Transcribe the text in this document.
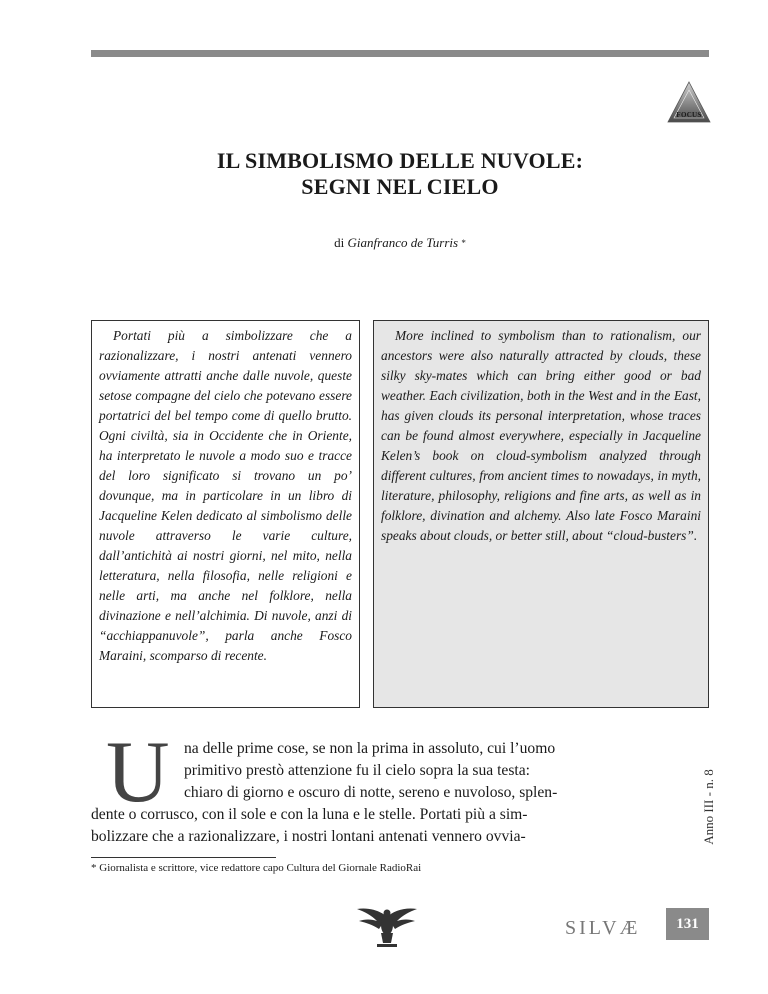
FOCUS
IL SIMBOLISMO DELLE NUVOLE:
SEGNI NEL CIELO
di Gianfranco de Turris *

Portati più a simbolizzare che a razionalizzare, i nostri antenati vennero ovviamente attratti anche dalle nuvole, queste setose compagne del cielo che potevano essere portatrici del bel tempo come di quello brutto. Ogni civiltà, sia in Occidente che in Oriente, ha interpretato le nuvole a modo suo e tracce del loro significato si trovano un po’ dovunque, ma in particolare in un libro di Jacqueline Kelen dedicato al simbolismo delle nuvole attraverso le varie culture, dall’antichità ai nostri giorni, nel mito, nella letteratura, nella filosofia, nelle religioni e nelle arti, ma anche nel folklore, nella divinazione e nell’alchimia. Di nuvole, anzi di “acchiappanuvole”, parla anche Fosco Maraini, scomparso di recente.

More inclined to symbolism than to rationalism, our ancestors were also naturally attracted by clouds, these silky sky-mates which can bring either good or bad weather. Each civilization, both in the West and in the East, has given clouds its personal interpretation, whose traces can be found almost everywhere, especially in Jacqueline Kelen’s book on cloud-symbolism analyzed through different cultures, from ancient times to nowadays, in myth, literature, philosophy, religions and fine arts, as well as in folklore, divination and alchemy. Also late Fosco Maraini speaks about clouds, or better still, about “cloud-busters”.

U na delle prime cose, se non la prima in assoluto, cui l’uomo
primitivo prestò attenzione fu il cielo sopra la sua testa:
chiaro di giorno e oscuro di notte, sereno e nuvoloso, splen-
dente o corrusco, con il sole e con la luna e le stelle. Portati più a sim-
bolizzare che a razionalizzare, i nostri lontani antenati vennero ovvia-
* Giornalista e scrittore, vice redattore capo Cultura del Giornale RadioRai
Anno III - n. 8
SILVÆ	131
